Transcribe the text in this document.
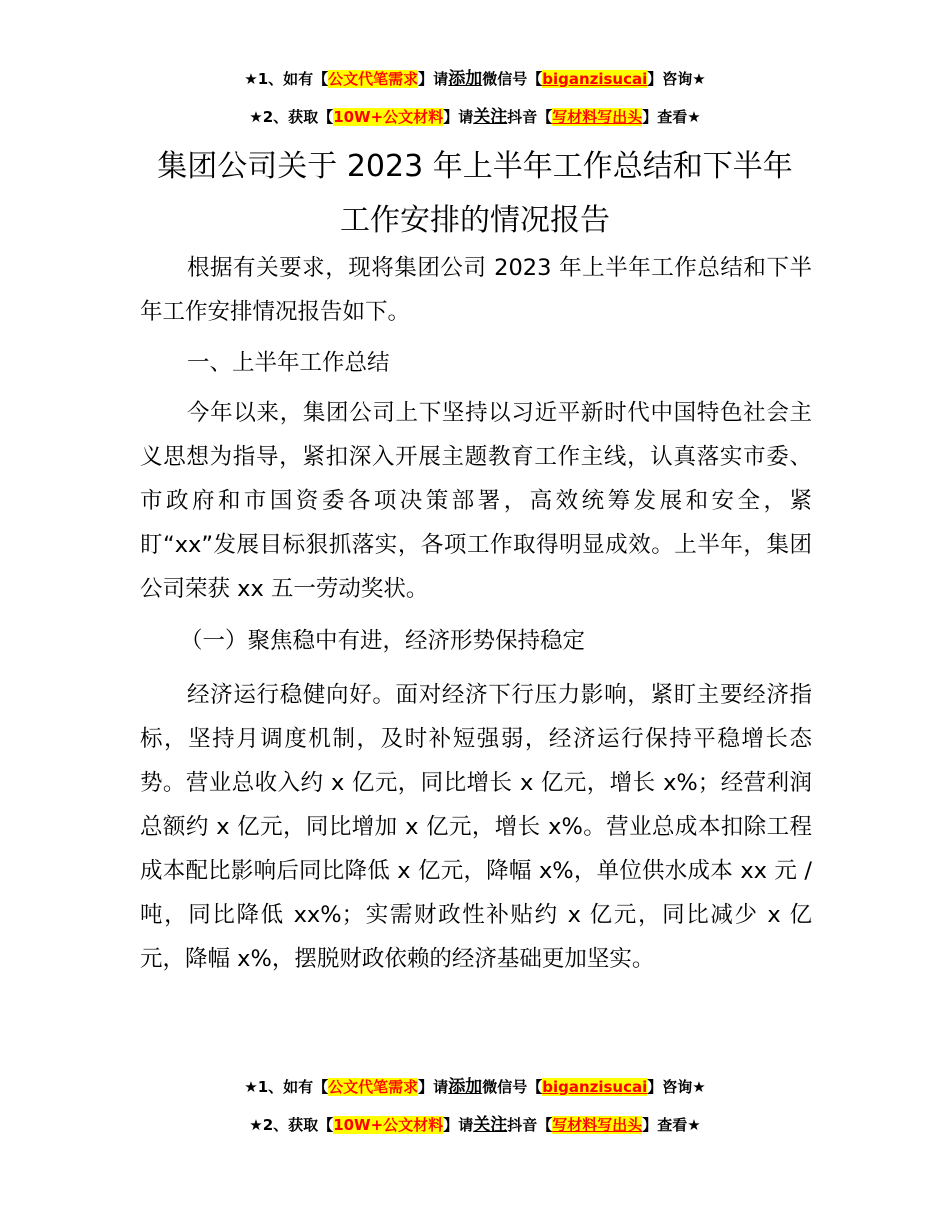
★1、如有【公文代笔需求】请添加微信号【biganzisucai】咨询★
★2、获取【10W+公文材料】请关注抖音【写材料写出头】查看★
集团公司关于 2023 年上半年工作总结和下半年
工作安排的情况报告

根据有关要求，现将集团公司 2023 年上半年工作总结和下半年工作安排情况报告如下。

一、上半年工作总结

今年以来，集团公司上下坚持以习近平新时代中国特色社会主义思想为指导，紧扣深入开展主题教育工作主线，认真落实市委、市政府和市国资委各项决策部署，高效统筹发展和安全，紧盯“xx”发展目标狠抓落实，各项工作取得明显成效。上半年，集团公司荣获 xx 五一劳动奖状。

（一）聚焦稳中有进，经济形势保持稳定

经济运行稳健向好。面对经济下行压力影响，紧盯主要经济指标，坚持月调度机制，及时补短强弱，经济运行保持平稳增长态势。营业总收入约 x 亿元，同比增长 x 亿元，增长 x%；经营利润总额约 x 亿元，同比增加 x 亿元，增长 x%。营业总成本扣除工程成本配比影响后同比降低 x 亿元，降幅 x%，单位供水成本 xx 元 / 吨，同比降低 xx%；实需财政性补贴约 x 亿元，同比减少 x 亿元，降幅 x%，摆脱财政依赖的经济基础更加坚实。

★1、如有【公文代笔需求】请添加微信号【biganzisucai】咨询★
★2、获取【10W+公文材料】请关注抖音【写材料写出头】查看★
